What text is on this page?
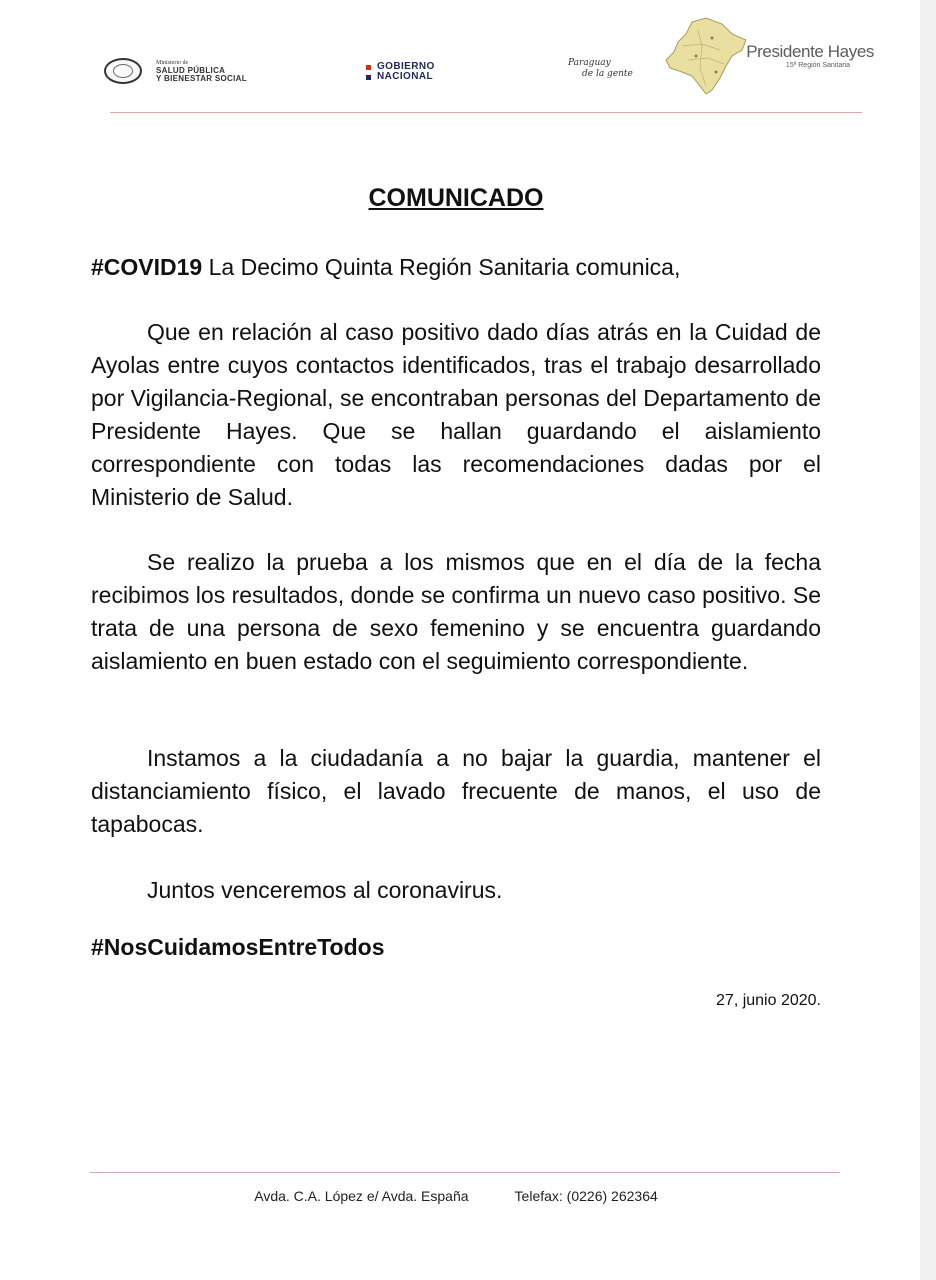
Ministerio de
SALUD PÚBLICA
Y BIENESTAR SOCIAL
GOBIERNO
NACIONAL
Paraguay
de la gente
Presidente Hayes
15ª Región Sanitaria
COMUNICADO
#COVID19 La Decimo Quinta Región Sanitaria comunica,

Que en relación al caso positivo dado días atrás en la Cuidad de Ayolas entre cuyos contactos identificados, tras el trabajo desarrollado por Vigilancia-Regional, se encontraban personas del Departamento de Presidente Hayes. Que se hallan guardando el aislamiento correspondiente con todas las recomendaciones dadas por el Ministerio de Salud.

Se realizo la prueba a los mismos que en el día de la fecha recibimos los resultados, donde se confirma un nuevo caso positivo. Se trata de una persona de sexo femenino y se encuentra guardando aislamiento en buen estado con el seguimiento correspondiente.

Instamos a la ciudadanía a no bajar la guardia, mantener el distanciamiento físico, el lavado frecuente de manos, el uso de tapabocas.

Juntos venceremos al coronavirus.

#NosCuidamosEntreTodos
27, junio 2020.
Avda. C.A. López e/ Avda. España	Telefax: (0226) 262364
